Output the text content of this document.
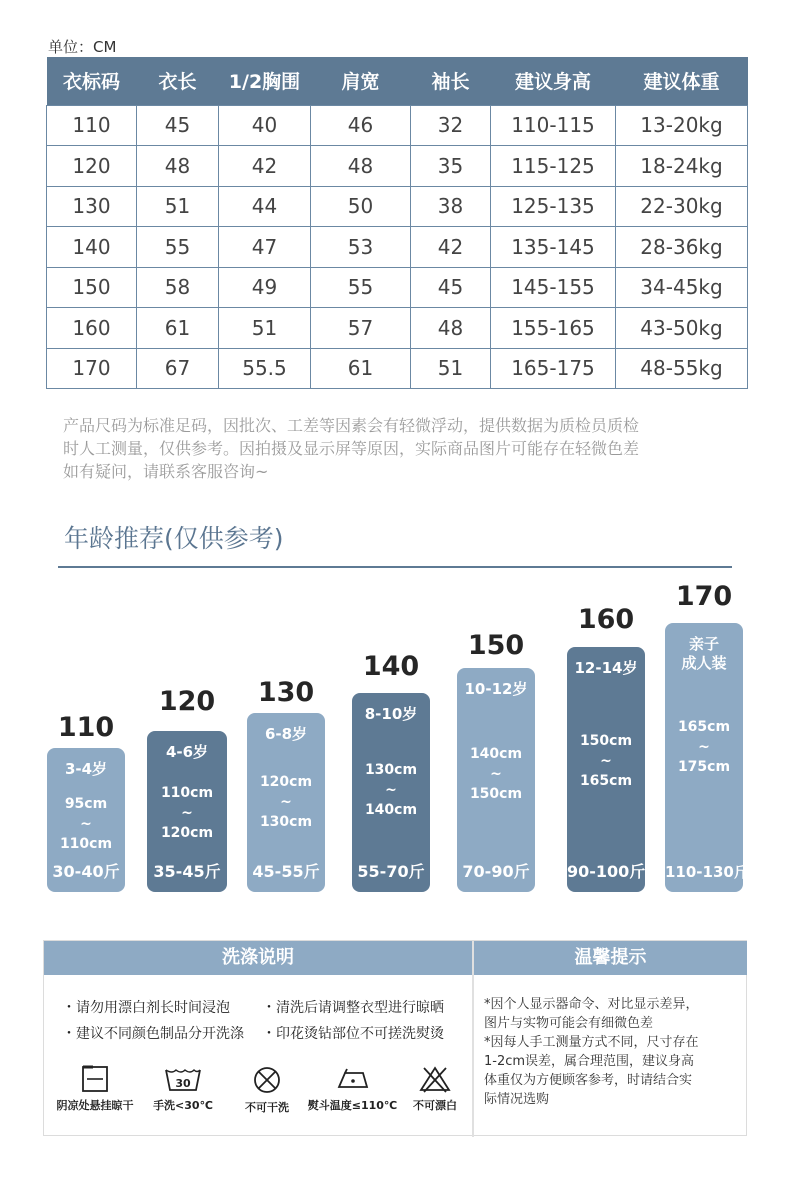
单位：CM
衣标码	衣长	1/2胸围	肩宽	袖长	建议身高	建议体重
110	45	40	46	32	110-115	13-20kg
120	48	42	48	35	115-125	18-24kg
130	51	44	50	38	125-135	22-30kg
140	55	47	53	42	135-145	28-36kg
150	58	49	55	45	145-155	34-45kg
160	61	51	57	48	155-165	43-50kg
170	67	55.5	61	51	165-175	48-55kg

产品尺码为标准足码，因批次、工差等因素会有轻微浮动，提供数据为质检员质检

时人工测量，仅供参考。因拍摄及显示屏等原因，实际商品图片可能存在轻微色差

如有疑问，请联系客服咨询~

年龄推荐(仅供参考)
110
3-4岁
95cm
~
110cm
30-40斤
120
4-6岁
110cm
~
120cm
35-45斤
130
6-8岁
120cm
~
130cm
45-55斤
140
8-10岁
130cm
~
140cm
55-70斤
150
10-12岁
140cm
~
150cm
70-90斤
160
12-14岁
150cm
~
165cm
90-100斤
170
亲子
成人装
165cm
~
175cm
110-130斤
洗涤说明	温馨提示
・请勿用漂白剂长时间浸泡 ・清洗后请调整衣型进行晾晒
・建议不同颜色制品分开洗涤 ・印花烫钻部位不可搓洗熨烫
阴凉处悬挂晾干
30
手洗<30℃	不可干洗	熨斗温度≤110℃	不可漂白

*因个人显示器命令、对比显示差异，

图片与实物可能会有细微色差

*因每人手工测量方式不同，尺寸存在

1-2cm误差，属合理范围，建议身高

体重仅为方便顾客参考，时请结合实

际情况选购
